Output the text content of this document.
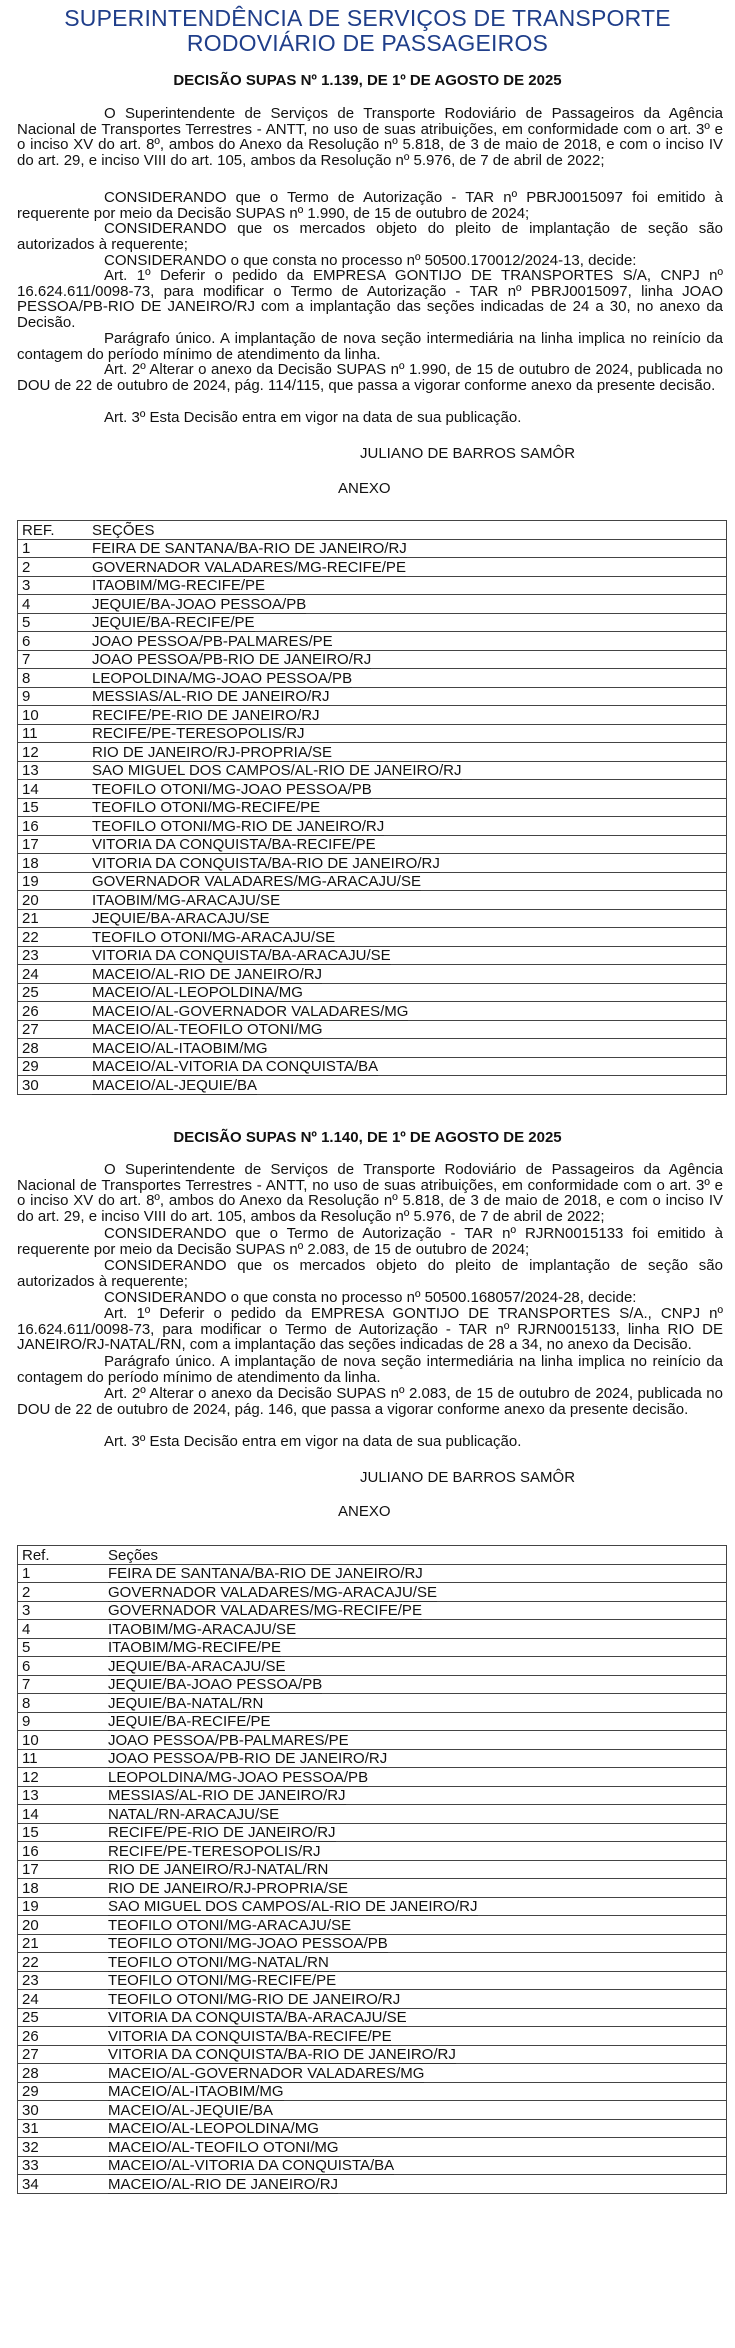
SUPERINTENDÊNCIA DE SERVIÇOS DE TRANSPORTE RODOVIÁRIO DE PASSAGEIROS
DECISÃO SUPAS Nº 1.139, DE 1º DE AGOSTO DE 2025

O Superintendente de Serviços de Transporte Rodoviário de Passageiros da Agência Nacional de Transportes Terrestres - ANTT, no uso de suas atribuições, em conformidade com o art. 3º e o inciso XV do art. 8º, ambos do Anexo da Resolução nº 5.818, de 3 de maio de 2018, e com o inciso IV do art. 29, e inciso VIII do art. 105, ambos da Resolução nº 5.976, de 7 de abril de 2022;

CONSIDERANDO que o Termo de Autorização - TAR nº PBRJ0015097 foi emitido à requerente por meio da Decisão SUPAS nº 1.990, de 15 de outubro de 2024;

CONSIDERANDO que os mercados objeto do pleito de implantação de seção são autorizados à requerente;

CONSIDERANDO o que consta no processo nº 50500.170012/2024-13, decide:

Art. 1º Deferir o pedido da EMPRESA GONTIJO DE TRANSPORTES S/A, CNPJ nº 16.624.611/0098-73, para modificar o Termo de Autorização - TAR nº PBRJ0015097, linha JOAO PESSOA/PB-RIO DE JANEIRO/RJ com a implantação das seções indicadas de 24 a 30, no anexo da Decisão.

Parágrafo único. A implantação de nova seção intermediária na linha implica no reinício da contagem do período mínimo de atendimento da linha.

Art. 2º Alterar o anexo da Decisão SUPAS nº 1.990, de 15 de outubro de 2024, publicada no DOU de 22 de outubro de 2024, pág. 114/115, que passa a vigorar conforme anexo da presente decisão.

Art. 3º Esta Decisão entra em vigor na data de sua publicação.

JULIANO DE BARROS SAMÔR
ANEXO
REF.	SEÇÕES
1	FEIRA DE SANTANA/BA-RIO DE JANEIRO/RJ
2	GOVERNADOR VALADARES/MG-RECIFE/PE
3	ITAOBIM/MG-RECIFE/PE
4	JEQUIE/BA-JOAO PESSOA/PB
5	JEQUIE/BA-RECIFE/PE
6	JOAO PESSOA/PB-PALMARES/PE
7	JOAO PESSOA/PB-RIO DE JANEIRO/RJ
8	LEOPOLDINA/MG-JOAO PESSOA/PB
9	MESSIAS/AL-RIO DE JANEIRO/RJ
10	RECIFE/PE-RIO DE JANEIRO/RJ
11	RECIFE/PE-TERESOPOLIS/RJ
12	RIO DE JANEIRO/RJ-PROPRIA/SE
13	SAO MIGUEL DOS CAMPOS/AL-RIO DE JANEIRO/RJ
14	TEOFILO OTONI/MG-JOAO PESSOA/PB
15	TEOFILO OTONI/MG-RECIFE/PE
16	TEOFILO OTONI/MG-RIO DE JANEIRO/RJ
17	VITORIA DA CONQUISTA/BA-RECIFE/PE
18	VITORIA DA CONQUISTA/BA-RIO DE JANEIRO/RJ
19	GOVERNADOR VALADARES/MG-ARACAJU/SE
20	ITAOBIM/MG-ARACAJU/SE
21	JEQUIE/BA-ARACAJU/SE
22	TEOFILO OTONI/MG-ARACAJU/SE
23	VITORIA DA CONQUISTA/BA-ARACAJU/SE
24	MACEIO/AL-RIO DE JANEIRO/RJ
25	MACEIO/AL-LEOPOLDINA/MG
26	MACEIO/AL-GOVERNADOR VALADARES/MG
27	MACEIO/AL-TEOFILO OTONI/MG
28	MACEIO/AL-ITAOBIM/MG
29	MACEIO/AL-VITORIA DA CONQUISTA/BA
30	MACEIO/AL-JEQUIE/BA
DECISÃO SUPAS Nº 1.140, DE 1º DE AGOSTO DE 2025

O Superintendente de Serviços de Transporte Rodoviário de Passageiros da Agência Nacional de Transportes Terrestres - ANTT, no uso de suas atribuições, em conformidade com o art. 3º e o inciso XV do art. 8º, ambos do Anexo da Resolução nº 5.818, de 3 de maio de 2018, e com o inciso IV do art. 29, e inciso VIII do art. 105, ambos da Resolução nº 5.976, de 7 de abril de 2022;

CONSIDERANDO que o Termo de Autorização - TAR nº RJRN0015133 foi emitido à requerente por meio da Decisão SUPAS nº 2.083, de 15 de outubro de 2024;

CONSIDERANDO que os mercados objeto do pleito de implantação de seção são autorizados à requerente;

CONSIDERANDO o que consta no processo nº 50500.168057/2024-28, decide:

Art. 1º Deferir o pedido da EMPRESA GONTIJO DE TRANSPORTES S/A., CNPJ nº 16.624.611/0098-73, para modificar o Termo de Autorização - TAR nº RJRN0015133, linha RIO DE JANEIRO/RJ-NATAL/RN, com a implantação das seções indicadas de 28 a 34, no anexo da Decisão.

Parágrafo único. A implantação de nova seção intermediária na linha implica no reinício da contagem do período mínimo de atendimento da linha.

Art. 2º Alterar o anexo da Decisão SUPAS nº 2.083, de 15 de outubro de 2024, publicada no DOU de 22 de outubro de 2024, pág. 146, que passa a vigorar conforme anexo da presente decisão.

Art. 3º Esta Decisão entra em vigor na data de sua publicação.

JULIANO DE BARROS SAMÔR
ANEXO
Ref.	Seções
1	FEIRA DE SANTANA/BA-RIO DE JANEIRO/RJ
2	GOVERNADOR VALADARES/MG-ARACAJU/SE
3	GOVERNADOR VALADARES/MG-RECIFE/PE
4	ITAOBIM/MG-ARACAJU/SE
5	ITAOBIM/MG-RECIFE/PE
6	JEQUIE/BA-ARACAJU/SE
7	JEQUIE/BA-JOAO PESSOA/PB
8	JEQUIE/BA-NATAL/RN
9	JEQUIE/BA-RECIFE/PE
10	JOAO PESSOA/PB-PALMARES/PE
11	JOAO PESSOA/PB-RIO DE JANEIRO/RJ
12	LEOPOLDINA/MG-JOAO PESSOA/PB
13	MESSIAS/AL-RIO DE JANEIRO/RJ
14	NATAL/RN-ARACAJU/SE
15	RECIFE/PE-RIO DE JANEIRO/RJ
16	RECIFE/PE-TERESOPOLIS/RJ
17	RIO DE JANEIRO/RJ-NATAL/RN
18	RIO DE JANEIRO/RJ-PROPRIA/SE
19	SAO MIGUEL DOS CAMPOS/AL-RIO DE JANEIRO/RJ
20	TEOFILO OTONI/MG-ARACAJU/SE
21	TEOFILO OTONI/MG-JOAO PESSOA/PB
22	TEOFILO OTONI/MG-NATAL/RN
23	TEOFILO OTONI/MG-RECIFE/PE
24	TEOFILO OTONI/MG-RIO DE JANEIRO/RJ
25	VITORIA DA CONQUISTA/BA-ARACAJU/SE
26	VITORIA DA CONQUISTA/BA-RECIFE/PE
27	VITORIA DA CONQUISTA/BA-RIO DE JANEIRO/RJ
28	MACEIO/AL-GOVERNADOR VALADARES/MG
29	MACEIO/AL-ITAOBIM/MG
30	MACEIO/AL-JEQUIE/BA
31	MACEIO/AL-LEOPOLDINA/MG
32	MACEIO/AL-TEOFILO OTONI/MG
33	MACEIO/AL-VITORIA DA CONQUISTA/BA
34	MACEIO/AL-RIO DE JANEIRO/RJ
